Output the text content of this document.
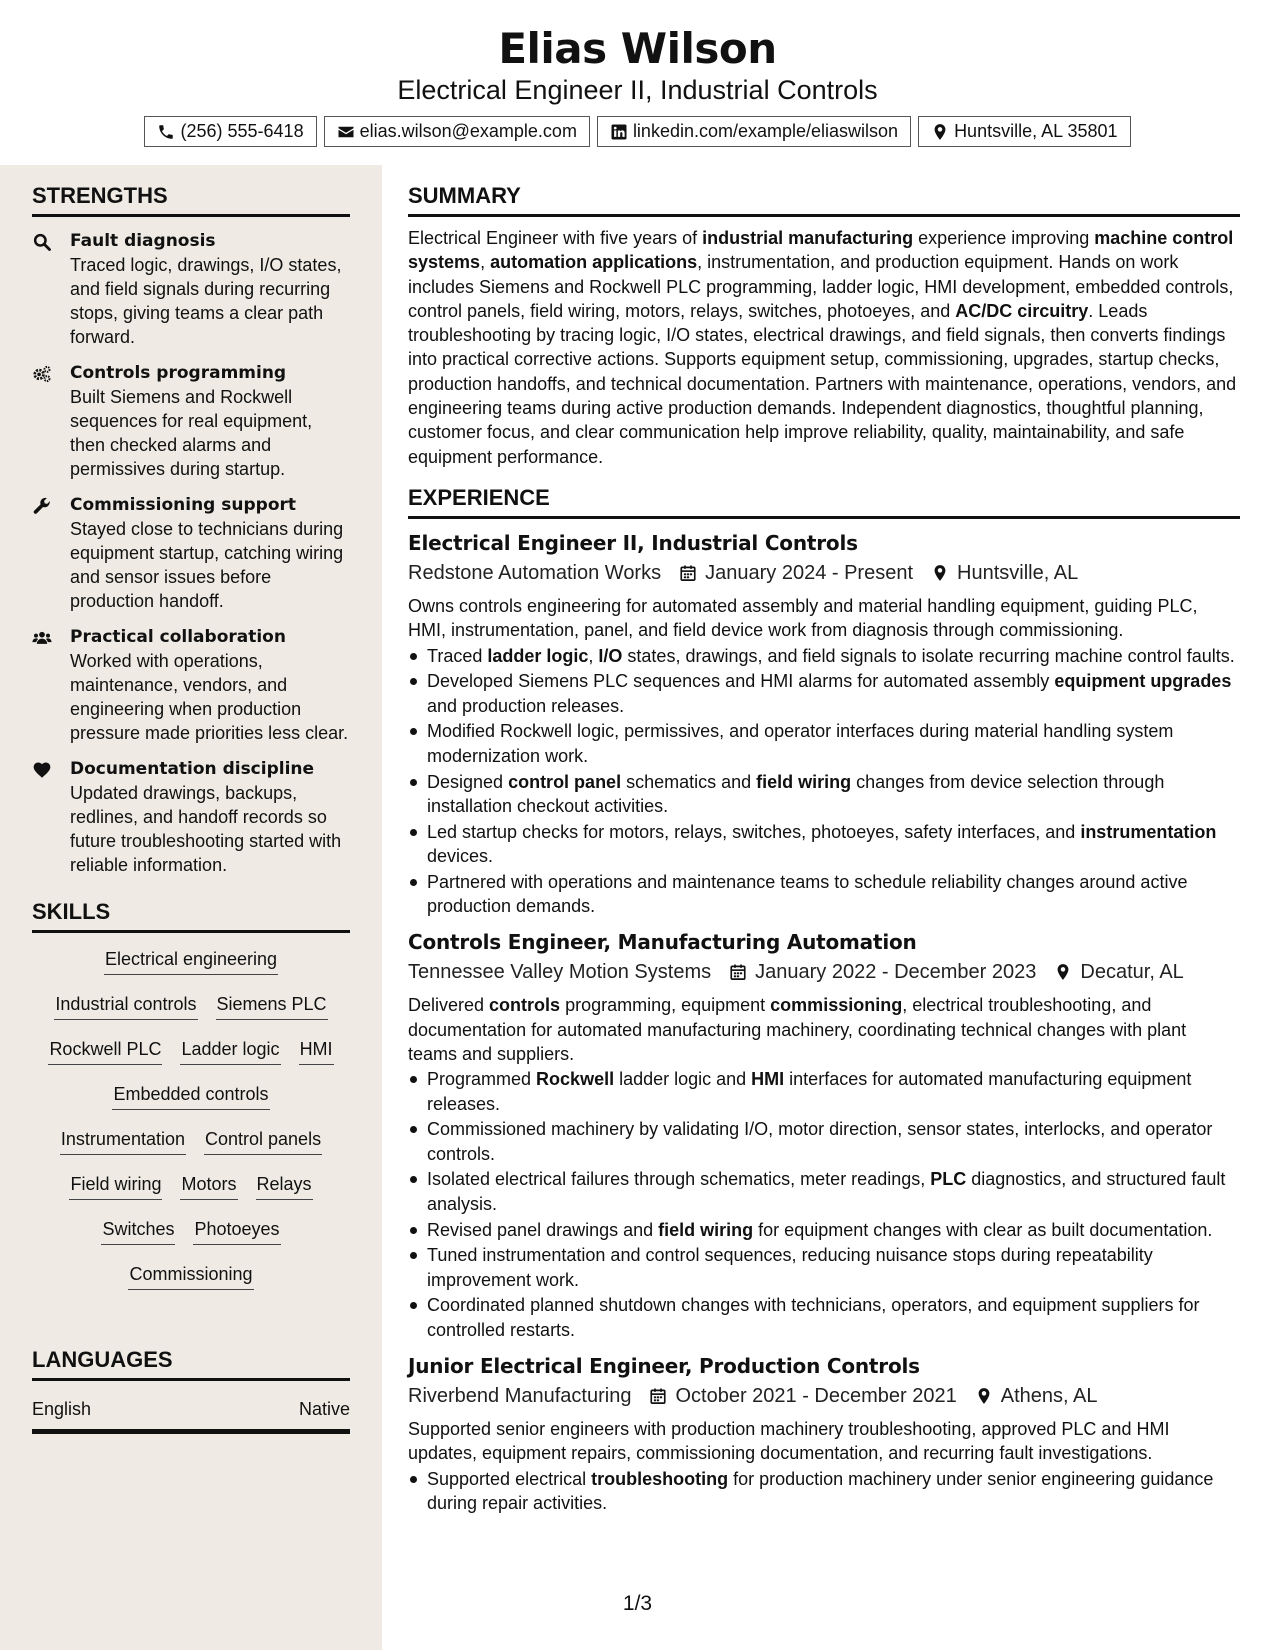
Elias Wilson
Electrical Engineer II, Industrial Controls
(256) 555-6418	elias.wilson@example.com	linkedin.com/example/eliaswilson	Huntsville, AL 35801
STRENGTHS
Fault diagnosis
Traced logic, drawings, I/O states, and field signals during recurring stops, giving teams a clear path forward.
Controls programming
Built Siemens and Rockwell sequences for real equipment, then checked alarms and permissives during startup.
Commissioning support
Stayed close to technicians during equipment startup, catching wiring and sensor issues before production handoff.
Practical collaboration
Worked with operations, maintenance, vendors, and engineering when production pressure made priorities less clear.
Documentation discipline
Updated drawings, backups, redlines, and handoff records so future troubleshooting started with reliable information.
SKILLS
Electrical engineering
Industrial controls Siemens PLC
Rockwell PLC Ladder logic HMI
Embedded controls
Instrumentation Control panels
Field wiring Motors Relays
Switches Photoeyes
Commissioning
LANGUAGES
English	Native
SUMMARY
Electrical Engineer with five years of industrial manufacturing experience improving machine control systems, automation applications, instrumentation, and production equipment. Hands on work includes Siemens and Rockwell PLC programming, ladder logic, HMI development, embedded controls, control panels, field wiring, motors, relays, switches, photoeyes, and AC/DC circuitry. Leads troubleshooting by tracing logic, I/O states, electrical drawings, and field signals, then converts findings into practical corrective actions. Supports equipment setup, commissioning, upgrades, startup checks, production handoffs, and technical documentation. Partners with maintenance, operations, vendors, and engineering teams during active production demands. Independent diagnostics, thoughtful planning, customer focus, and clear communication help improve reliability, quality, maintainability, and safe equipment performance.
EXPERIENCE
Electrical Engineer II, Industrial Controls
Redstone Automation Works January 2024 - Present Huntsville, AL
Owns controls engineering for automated assembly and material handling equipment, guiding PLC, HMI, instrumentation, panel, and field device work from diagnosis through commissioning.
Traced ladder logic, I/O states, drawings, and field signals to isolate recurring machine control faults.
Developed Siemens PLC sequences and HMI alarms for automated assembly equipment upgrades and production releases.
Modified Rockwell logic, permissives, and operator interfaces during material handling system modernization work.
Designed control panel schematics and field wiring changes from device selection through installation checkout activities.
Led startup checks for motors, relays, switches, photoeyes, safety interfaces, and instrumentation devices.
Partnered with operations and maintenance teams to schedule reliability changes around active production demands.
Controls Engineer, Manufacturing Automation
Tennessee Valley Motion Systems January 2022 - December 2023 Decatur, AL
Delivered controls programming, equipment commissioning, electrical troubleshooting, and documentation for automated manufacturing machinery, coordinating technical changes with plant teams and suppliers.
Programmed Rockwell ladder logic and HMI interfaces for automated manufacturing equipment releases.
Commissioned machinery by validating I/O, motor direction, sensor states, interlocks, and operator controls.
Isolated electrical failures through schematics, meter readings, PLC diagnostics, and structured fault analysis.
Revised panel drawings and field wiring for equipment changes with clear as built documentation.
Tuned instrumentation and control sequences, reducing nuisance stops during repeatability improvement work.
Coordinated planned shutdown changes with technicians, operators, and equipment suppliers for controlled restarts.
Junior Electrical Engineer, Production Controls
Riverbend Manufacturing October 2021 - December 2021 Athens, AL
Supported senior engineers with production machinery troubleshooting, approved PLC and HMI updates, equipment repairs, commissioning documentation, and recurring fault investigations.
Supported electrical troubleshooting for production machinery under senior engineering guidance during repair activities.
1/3
